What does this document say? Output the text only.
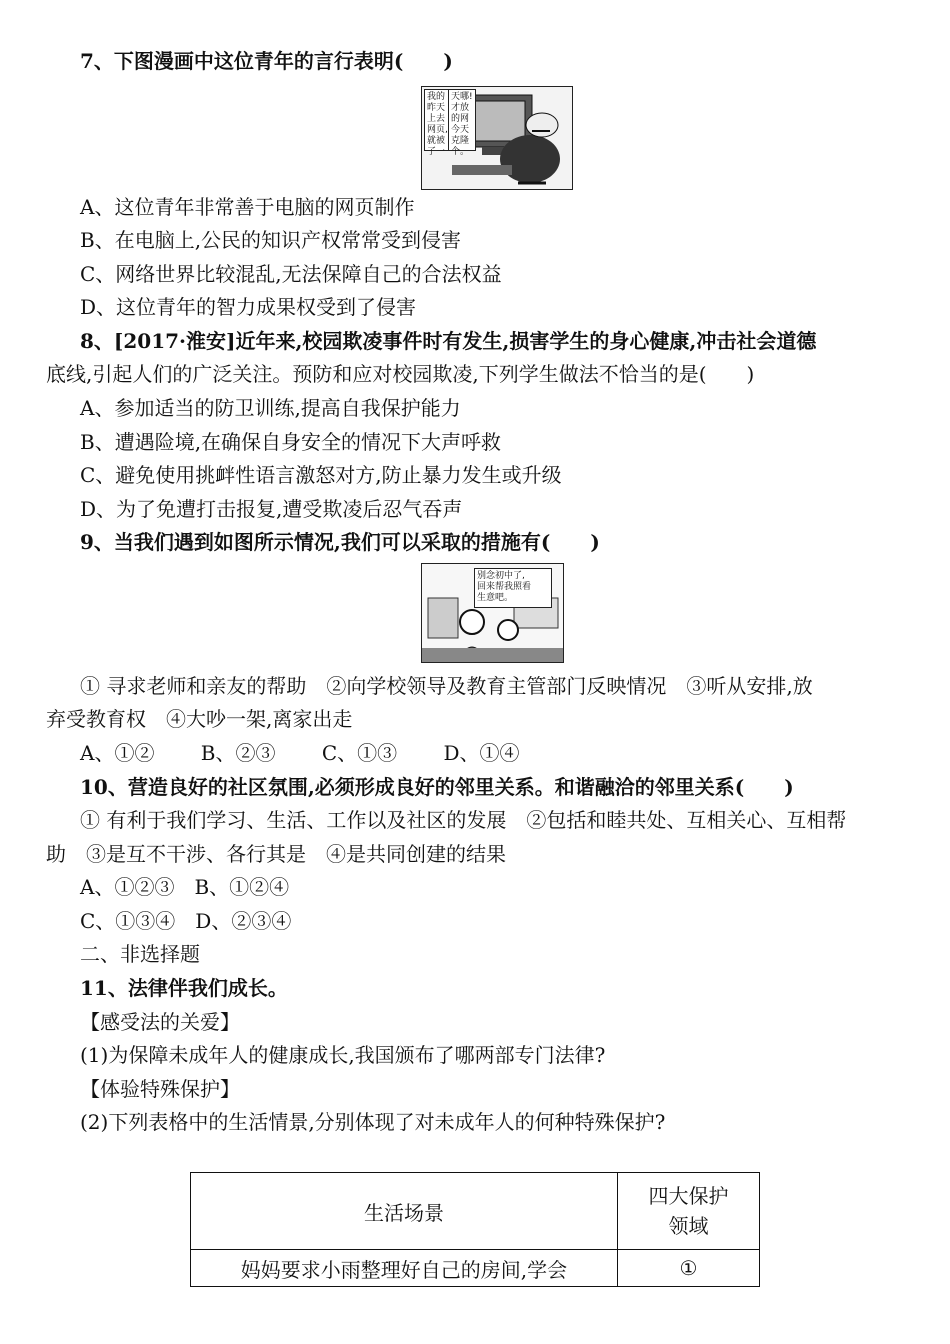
7、下图漫画中这位青年的言行表明(　　)
我的
昨天
上去
网页,
就被
了一
天哪!
才放
的网
今天
克隆
个。
A、这位青年非常善于电脑的网页制作
B、在电脑上,公民的知识产权常常受到侵害
C、网络世界比较混乱,无法保障自己的合法权益
D、这位青年的智力成果权受到了侵害
8、[2017·淮安]近年来,校园欺凌事件时有发生,损害学生的身心健康,冲击社会道德
底线,引起人们的广泛关注。预防和应对校园欺凌,下列学生做法不恰当的是(　　)
A、参加适当的防卫训练,提高自我保护能力
B、遭遇险境,在确保自身安全的情况下大声呼救
C、避免使用挑衅性语言激怒对方,防止暴力发生或升级
D、为了免遭打击报复,遭受欺凌后忍气吞声
9、当我们遇到如图所示情况,我们可以采取的措施有(　　)
别念初中了,
回来帮我照看
生意吧。
① 寻求老师和亲友的帮助　②向学校领导及教育主管部门反映情况　③听从安排,放
弃受教育权　④大吵一架,离家出走
A、①②　　 B、②③　　 C、①③　　 D、①④
10、营造良好的社区氛围,必须形成良好的邻里关系。和谐融洽的邻里关系(　　)
① 有利于我们学习、生活、工作以及社区的发展　②包括和睦共处、互相关心、互相帮
助　③是互不干涉、各行其是　④是共同创建的结果
A、①②③　B、①②④
C、①③④　D、②③④
二、非选择题
11、法律伴我们成长。
【感受法的关爱】
(1)为保障未成年人的健康成长,我国颁布了哪两部专门法律?
【体验特殊保护】
(2)下列表格中的生活情景,分别体现了对未成年人的何种特殊保护?
生活场景	四大保护
领域

妈妈要求小雨整理好自己的房间,学会	①
